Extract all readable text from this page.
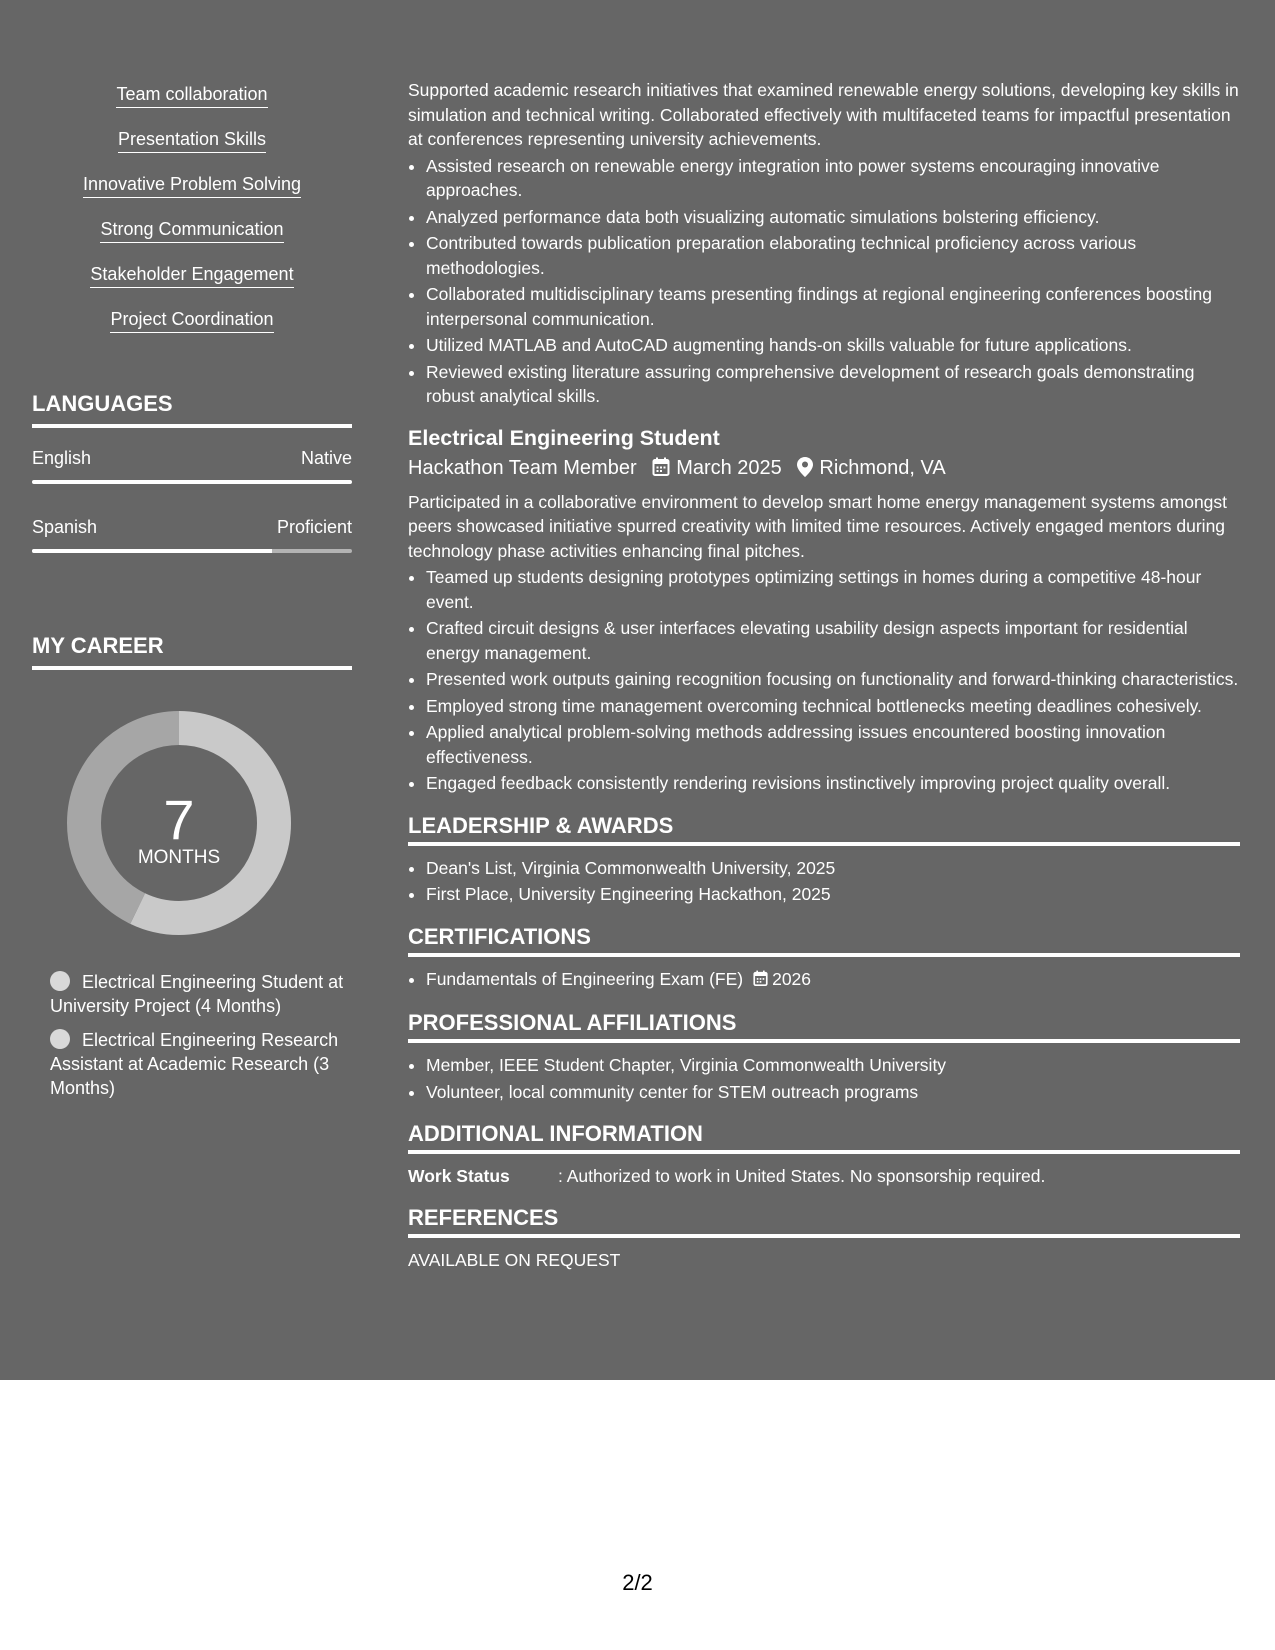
Team collaboration
Presentation Skills
Innovative Problem Solving
Strong Communication
Stakeholder Engagement
Project Coordination
LANGUAGES
English	Native
Spanish	Proficient
MY CAREER
7
MONTHS
Electrical Engineering Student at University Project (4 Months)
Electrical Engineering Research Assistant at Academic Research (3 Months)

Supported academic research initiatives that examined renewable energy solutions, developing key skills in simulation and technical writing. Collaborated effectively with multifaceted teams for impactful presentation at conferences representing university achievements.

• Assisted research on renewable energy integration into power systems encouraging innovative approaches.
• Analyzed performance data both visualizing automatic simulations bolstering efficiency.
• Contributed towards publication preparation elaborating technical proficiency across various methodologies.
• Collaborated multidisciplinary teams presenting findings at regional engineering conferences boosting interpersonal communication.
• Utilized MATLAB and AutoCAD augmenting hands-on skills valuable for future applications.
• Reviewed existing literature assuring comprehensive development of research goals demonstrating robust analytical skills.
Electrical Engineering Student
Hackathon Team Member March 2025 Richmond, VA

Participated in a collaborative environment to develop smart home energy management systems amongst peers showcased initiative spurred creativity with limited time resources. Actively engaged mentors during technology phase activities enhancing final pitches.

• Teamed up students designing prototypes optimizing settings in homes during a competitive 48-hour event.
• Crafted circuit designs & user interfaces elevating usability design aspects important for residential energy management.
• Presented work outputs gaining recognition focusing on functionality and forward-thinking characteristics.
• Employed strong time management overcoming technical bottlenecks meeting deadlines cohesively.
• Applied analytical problem-solving methods addressing issues encountered boosting innovation effectiveness.
• Engaged feedback consistently rendering revisions instinctively improving project quality overall.
LEADERSHIP & AWARDS
• Dean's List, Virginia Commonwealth University, 2025
• First Place, University Engineering Hackathon, 2025
CERTIFICATIONS
• Fundamentals of Engineering Exam (FE) 2026
PROFESSIONAL AFFILIATIONS
• Member, IEEE Student Chapter, Virginia Commonwealth University
• Volunteer, local community center for STEM outreach programs
ADDITIONAL INFORMATION
Work Status	: Authorized to work in United States. No sponsorship required.
REFERENCES
AVAILABLE ON REQUEST
2/2
